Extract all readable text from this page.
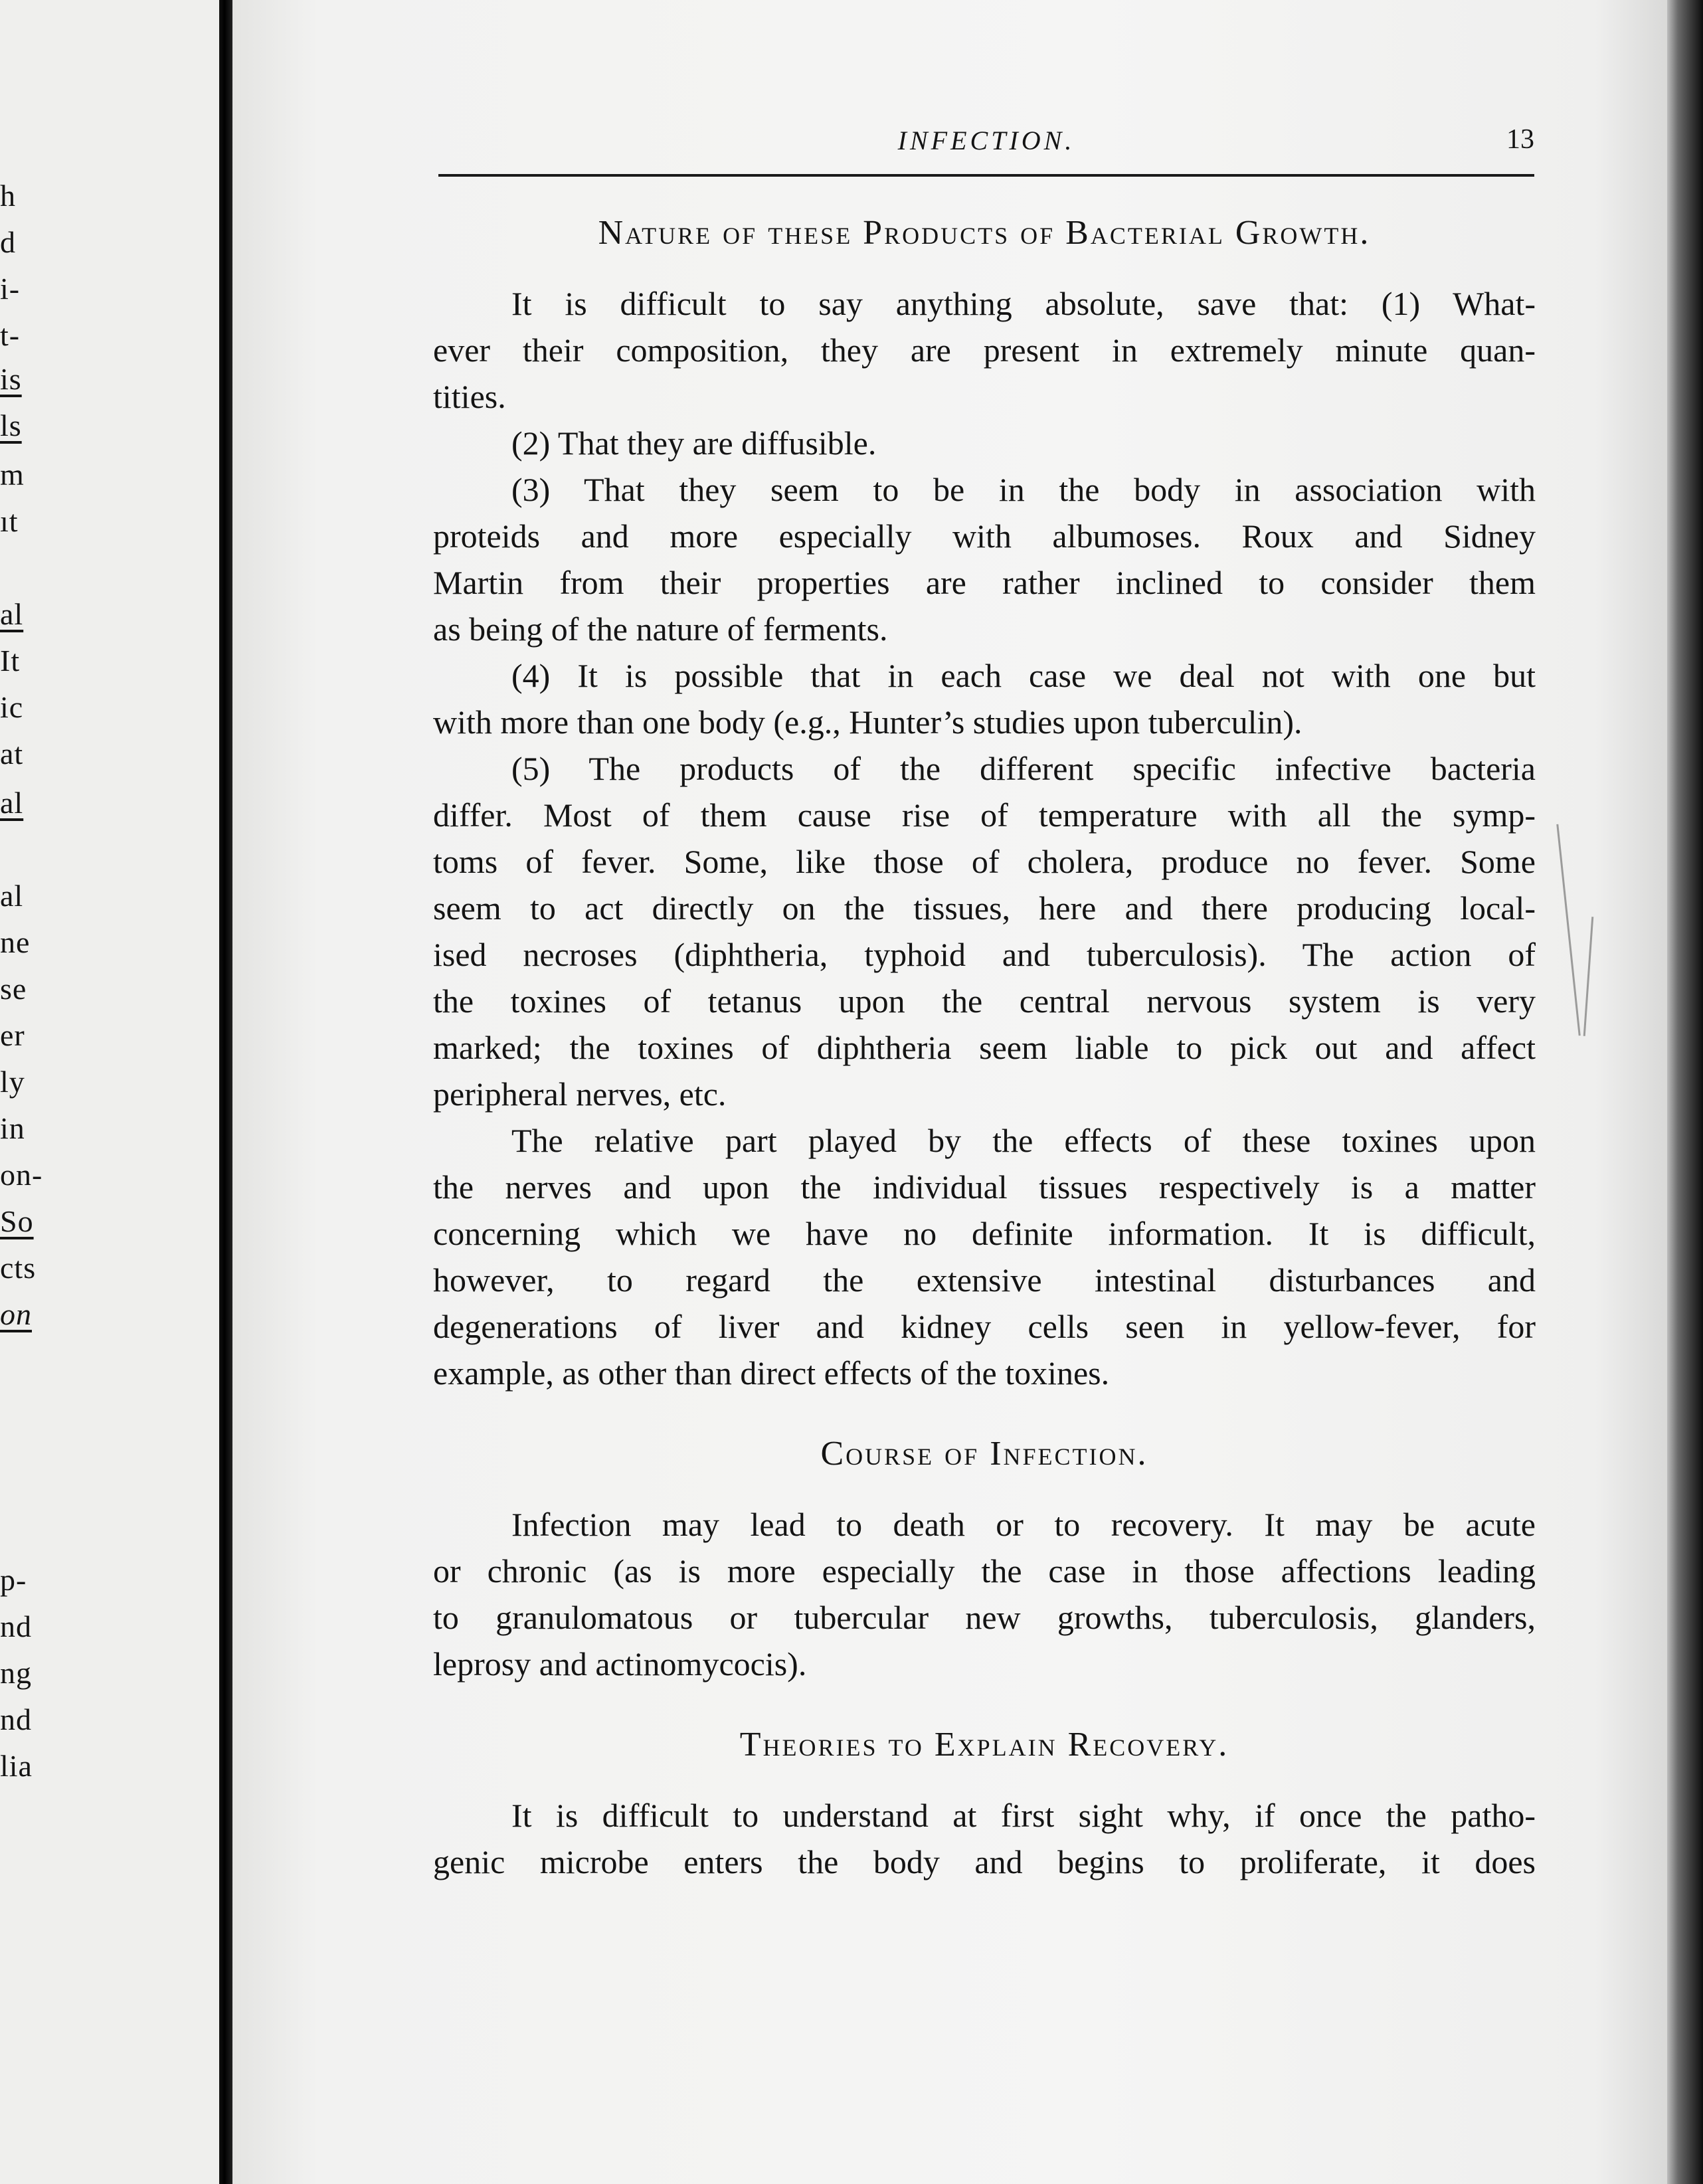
h
d
i-
t-
is
ls
m
ıt
al
It
ic
at
al
al
ne
se
er
ly
in
on-
So
cts
on
p-
nd
ng
nd
lia
INFECTION.	13
Nature of these Products of Bacterial Growth.
It is difficult to say anything absolute, save that: (1) What-
ever their composition, they are present in extremely minute quan-
tities.
(2) That they are diffusible.
(3) That they seem to be in the body in association with
proteids and more especially with albumoses. Roux and Sidney
Martin from their properties are rather inclined to consider them
as being of the nature of ferments.
(4) It is possible that in each case we deal not with one but
with more than one body (e.g., Hunter’s studies upon tuberculin).
(5) The products of the different specific infective bacteria
differ. Most of them cause rise of temperature with all the symp-
toms of fever. Some, like those of cholera, produce no fever. Some
seem to act directly on the tissues, here and there producing local-
ised necroses (diphtheria, typhoid and tuberculosis). The action of
the toxines of tetanus upon the central nervous system is very
marked; the toxines of diphtheria seem liable to pick out and affect
peripheral nerves, etc.
The relative part played by the effects of these toxines upon
the nerves and upon the individual tissues respectively is a matter
concerning which we have no definite information. It is difficult,
however, to regard the extensive intestinal disturbances and
degenerations of liver and kidney cells seen in yellow-fever, for
example, as other than direct effects of the toxines.
Course of Infection.
Infection may lead to death or to recovery. It may be acute
or chronic (as is more especially the case in those affections leading
to granulomatous or tubercular new growths, tuberculosis, glanders,
leprosy and actinomycocis).
Theories to Explain Recovery.
It is difficult to understand at first sight why, if once the patho-
genic microbe enters the body and begins to proliferate, it does
